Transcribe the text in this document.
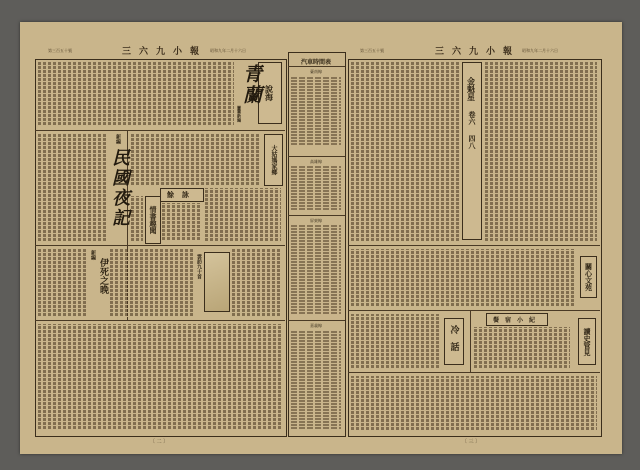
第三百五十號	三六九小報 昭和九年二月十六日	第三百五十號	三六九小報 昭和九年二月十六日
說海
青蘭
圖華新編
新編
民國夜記	大姑媽家鄉
餘詠
情書趣聞
新編
伊死之晚	雲訪九十首
〔 二 〕
汽車時間表
臺南線
高雄線
屏東線
嘉義線
金魁星
卷六
四八
關心文苑
冷話
餐宿小紀
讀史管見
〔 三 〕
